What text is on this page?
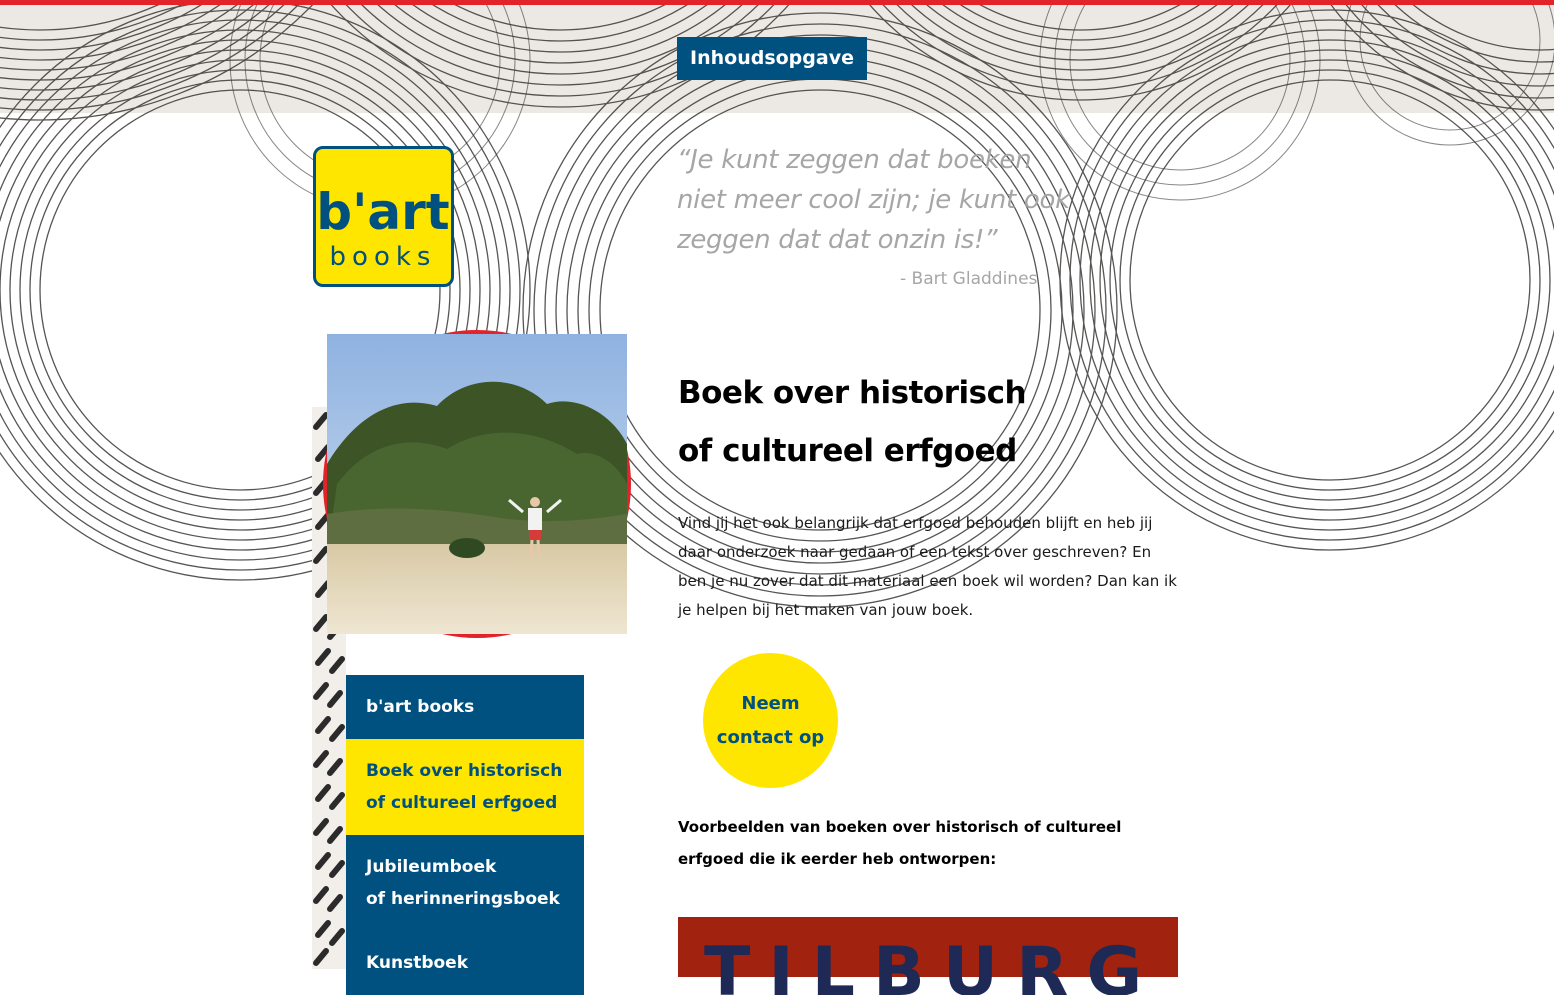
Inhoudsopgave
b'art
books
“Je kunt zeggen dat boeken
niet meer cool zijn; je kunt ook
zeggen dat dat onzin is!”
- Bart Gladdines
b'art books
Boek over historisch
of cultureel erfgoed
Jubileumboek
of herinneringsboek
Kunstboek
Boek over historisch
of cultureel erfgoed

Vind jij het ook belangrijk dat erfgoed behouden blijft en heb jij daar onderzoek naar gedaan of een tekst over geschreven? En ben je nu zover dat dit materiaal een boek wil worden? Dan kan ik je helpen bij het maken van jouw boek.

Neem
contact op

Voorbeelden van boeken over historisch of cultureel erfgoed die ik eerder heb ontworpen:

TILBURG
